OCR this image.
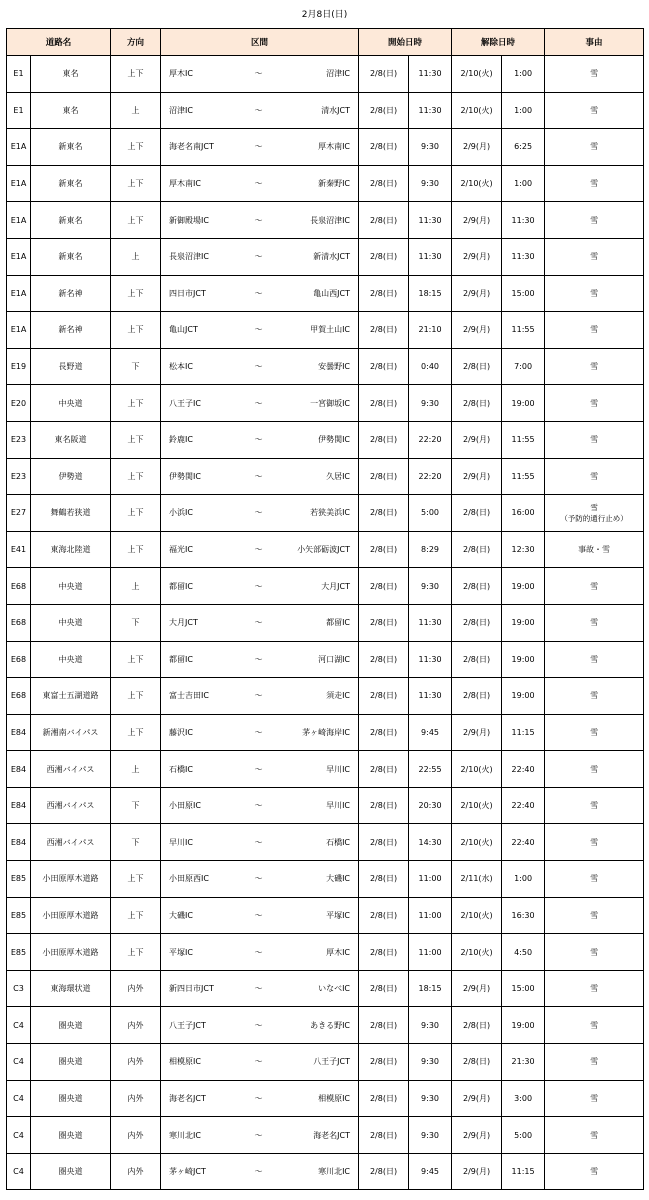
2月8日(日)
道路名		方向	区間			開始日時		解除日時		事由
E1	東名	上下	厚木IC	～	沼津IC	2/8(日)	11:30	2/10(火)	1:00	雪
E1	東名	上	沼津IC	～	清水JCT	2/8(日)	11:30	2/10(火)	1:00	雪
E1A	新東名	上下	海老名南JCT	～	厚木南IC	2/8(日)	9:30	2/9(月)	6:25	雪
E1A	新東名	上下	厚木南IC	～	新秦野IC	2/8(日)	9:30	2/10(火)	1:00	雪
E1A	新東名	上下	新御殿場IC	～	長泉沼津IC	2/8(日)	11:30	2/9(月)	11:30	雪
E1A	新東名	上	長泉沼津IC	～	新清水JCT	2/8(日)	11:30	2/9(月)	11:30	雪
E1A	新名神	上下	四日市JCT	～	亀山西JCT	2/8(日)	18:15	2/9(月)	15:00	雪
E1A	新名神	上下	亀山JCT	～	甲賀土山IC	2/8(日)	21:10	2/9(月)	11:55	雪
E19	長野道	下	松本IC	～	安曇野IC	2/8(日)	0:40	2/8(日)	7:00	雪
E20	中央道	上下	八王子IC	～	一宮御坂IC	2/8(日)	9:30	2/8(日)	19:00	雪
E23	東名阪道	上下	鈴鹿IC	～	伊勢関IC	2/8(日)	22:20	2/9(月)	11:55	雪
E23	伊勢道	上下	伊勢関IC	～	久居IC	2/8(日)	22:20	2/9(月)	11:55	雪
E27	舞鶴若狭道	上下	小浜IC	～	若狭美浜IC	2/8(日)	5:00	2/8(日)	16:00	雪
（予防的通行止め）
E41	東海北陸道	上下	福光IC	～	小矢部砺波JCT	2/8(日)	8:29	2/8(日)	12:30	事故・雪
E68	中央道	上	都留IC	～	大月JCT	2/8(日)	9:30	2/8(日)	19:00	雪
E68	中央道	下	大月JCT	～	都留IC	2/8(日)	11:30	2/8(日)	19:00	雪
E68	中央道	上下	都留IC	～	河口湖IC	2/8(日)	11:30	2/8(日)	19:00	雪
E68	東富士五湖道路	上下	富士吉田IC	～	須走IC	2/8(日)	11:30	2/8(日)	19:00	雪
E84	新湘南バイパス	上下	藤沢IC	～	茅ヶ崎海岸IC	2/8(日)	9:45	2/9(月)	11:15	雪
E84	西湘バイパス	上	石橋IC	～	早川IC	2/8(日)	22:55	2/10(火)	22:40	雪
E84	西湘バイパス	下	小田原IC	～	早川IC	2/8(日)	20:30	2/10(火)	22:40	雪
E84	西湘バイパス	下	早川IC	～	石橋IC	2/8(日)	14:30	2/10(火)	22:40	雪
E85	小田原厚木道路	上下	小田原西IC	～	大磯IC	2/8(日)	11:00	2/11(水)	1:00	雪
E85	小田原厚木道路	上下	大磯IC	～	平塚IC	2/8(日)	11:00	2/10(火)	16:30	雪
E85	小田原厚木道路	上下	平塚IC	～	厚木IC	2/8(日)	11:00	2/10(火)	4:50	雪
C3	東海環状道	内外	新四日市JCT	～	いなべIC	2/8(日)	18:15	2/9(月)	15:00	雪
C4	圏央道	内外	八王子JCT	～	あきる野IC	2/8(日)	9:30	2/8(日)	19:00	雪
C4	圏央道	内外	相模原IC	～	八王子JCT	2/8(日)	9:30	2/8(日)	21:30	雪
C4	圏央道	内外	海老名JCT	～	相模原IC	2/8(日)	9:30	2/9(月)	3:00	雪
C4	圏央道	内外	寒川北IC	～	海老名JCT	2/8(日)	9:30	2/9(月)	5:00	雪
C4	圏央道	内外	茅ヶ崎JCT	～	寒川北IC	2/8(日)	9:45	2/9(月)	11:15	雪
